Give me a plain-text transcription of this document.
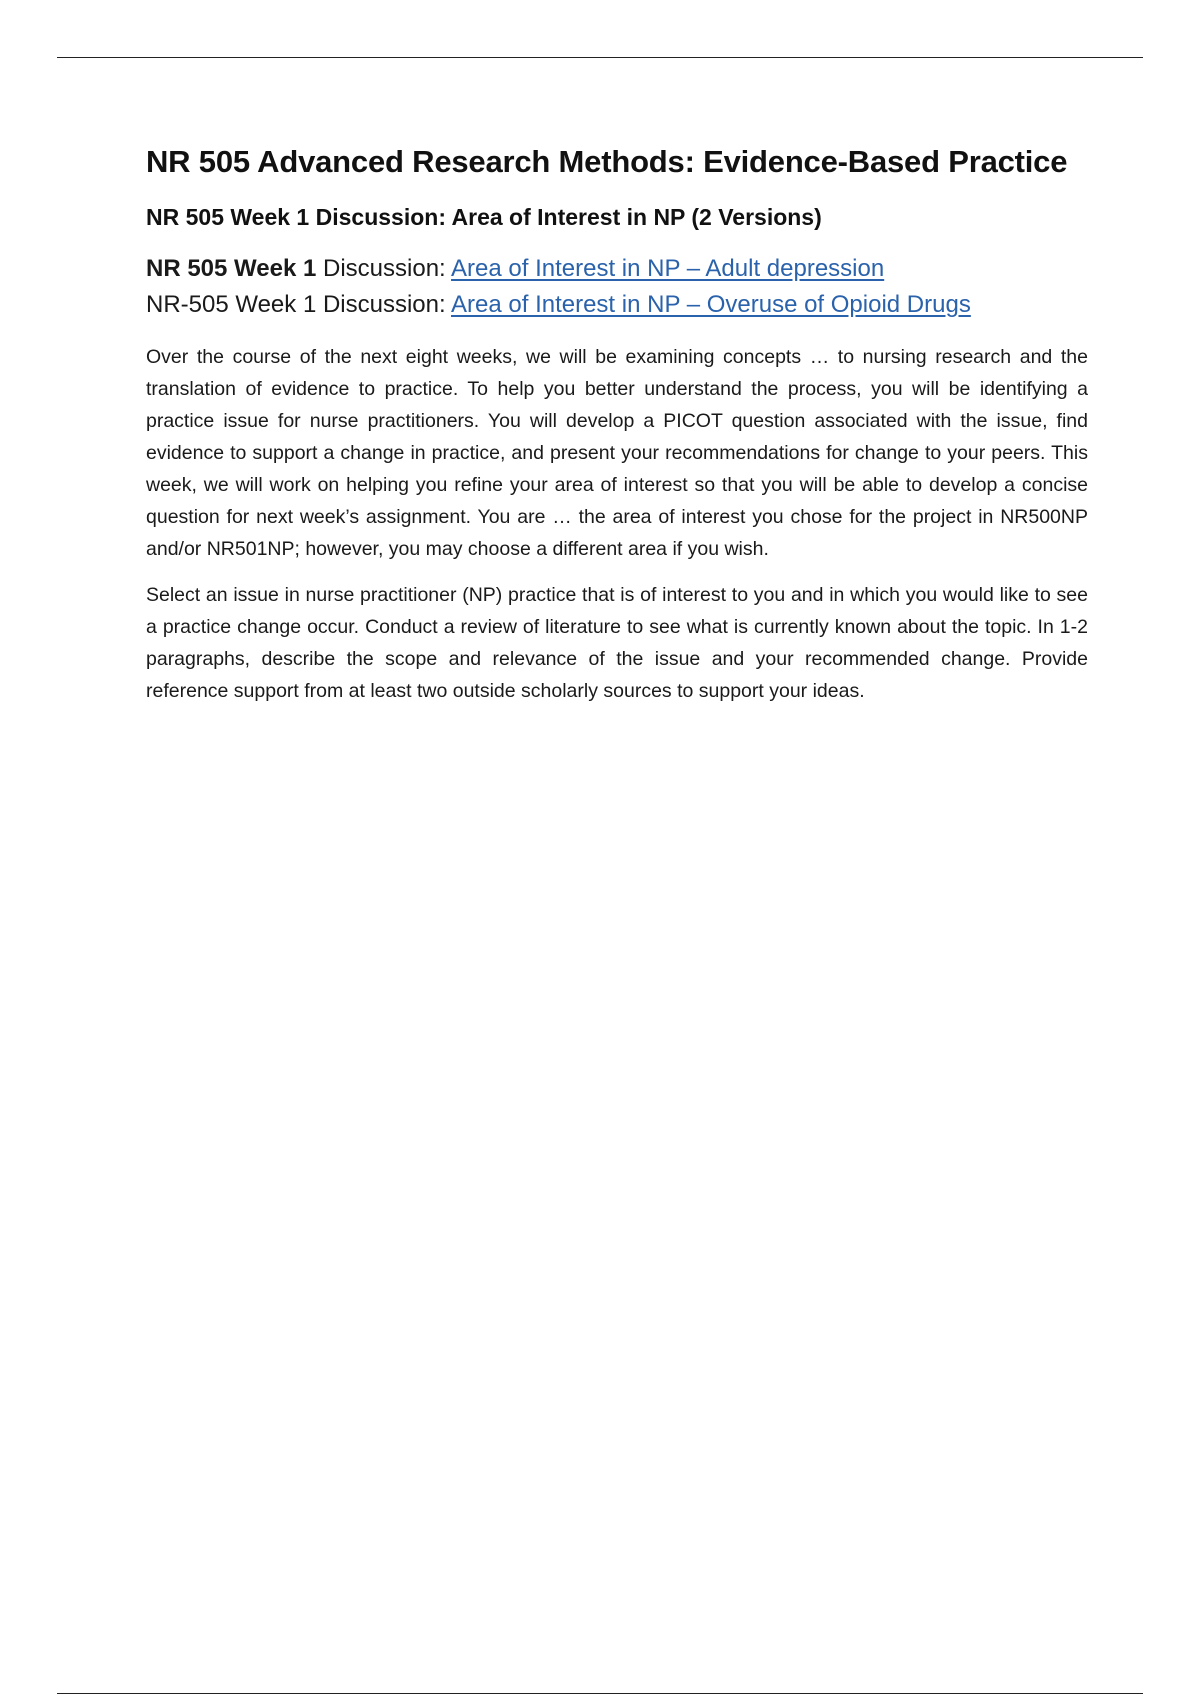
NR 505 Advanced Research Methods: Evidence-Based Practice
NR 505 Week 1 Discussion: Area of Interest in NP (2 Versions)
NR 505 Week 1 Discussion: Area of Interest in NP – Adult depression
NR-505 Week 1 Discussion: Area of Interest in NP – Overuse of Opioid Drugs

Over the course of the next eight weeks, we will be examining concepts … to nursing research and the translation of evidence to practice. To help you better understand the process, you will be identifying a practice issue for nurse practitioners. You will develop a PICOT question associated with the issue, find evidence to support a change in practice, and present your recommendations for change to your peers. This week, we will work on helping you refine your area of interest so that you will be able to develop a concise question for next week’s assignment. You are … the area of interest you chose for the project in NR500NP and/or NR501NP; however, you may choose a different area if you wish.

Select an issue in nurse practitioner (NP) practice that is of interest to you and in which you would like to see a practice change occur. Conduct a review of literature to see what is currently known about the topic. In 1-2 paragraphs, describe the scope and relevance of the issue and your recommended change. Provide reference support from at least two outside scholarly sources to support your ideas.
